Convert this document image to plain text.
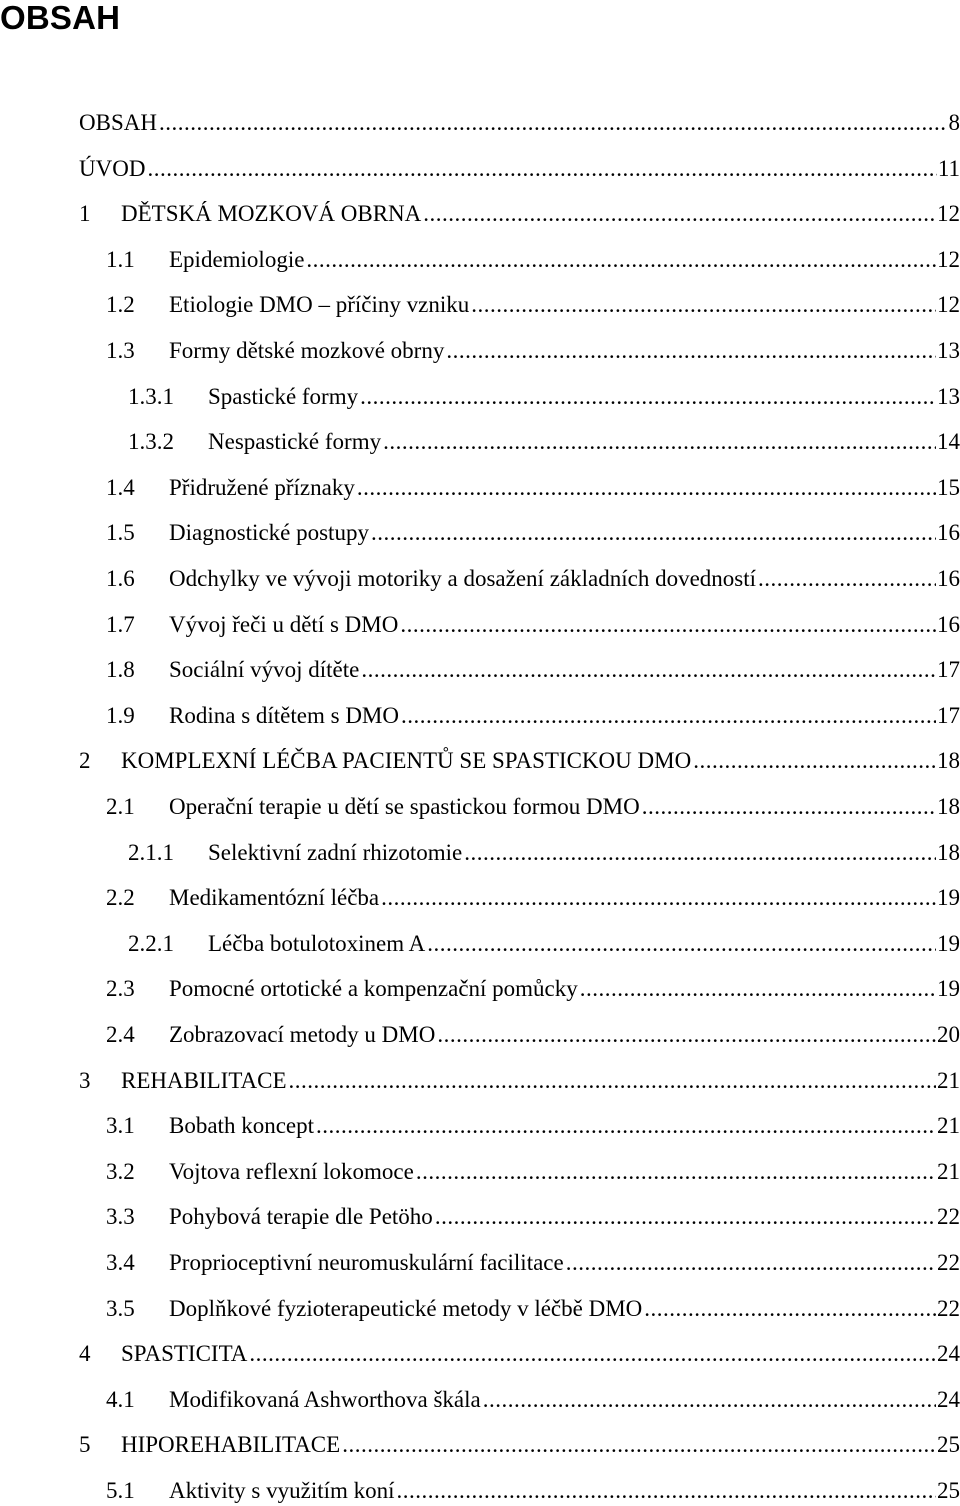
OBSAH
OBSAH .....	8
ÚVOD .....	11
1	DĚTSKÁ MOZKOVÁ OBRNA .....	12
1.1	Epidemiologie .....	12
1.2	Etiologie DMO – příčiny vzniku .....	12
1.3	Formy dětské mozkové obrny .....	13
1.3.1	Spastické formy .....	13
1.3.2	Nespastické formy .....	14
1.4	Přidružené příznaky .....	15
1.5	Diagnostické postupy .....	16
1.6	Odchylky ve vývoji motoriky a dosažení základních dovedností .....	16
1.7	Vývoj řeči u dětí s DMO .....	16
1.8	Sociální vývoj dítěte .....	17
1.9	Rodina s dítětem s DMO .....	17
2	KOMPLEXNÍ LÉČBA PACIENTŮ SE SPASTICKOU DMO .....	18
2.1	Operační terapie u dětí se spastickou formou DMO .....	18
2.1.1	Selektivní zadní rhizotomie .....	18
2.2	Medikamentózní léčba .....	19
2.2.1	Léčba botulotoxinem A .....	19
2.3	Pomocné ortotické a kompenzační pomůcky .....	19
2.4	Zobrazovací metody u DMO .....	20
3	REHABILITACE .....	21
3.1	Bobath koncept .....	21
3.2	Vojtova reflexní lokomoce .....	21
3.3	Pohybová terapie dle Petöho .....	22
3.4	Proprioceptivní neuromuskulární facilitace .....	22
3.5	Doplňkové fyzioterapeutické metody v léčbě DMO .....	22
4	SPASTICITA .....	24
4.1	Modifikovaná Ashworthova škála .....	24
5	HIPOREHABILITACE .....	25
5.1	Aktivity s využitím koní .....	25
